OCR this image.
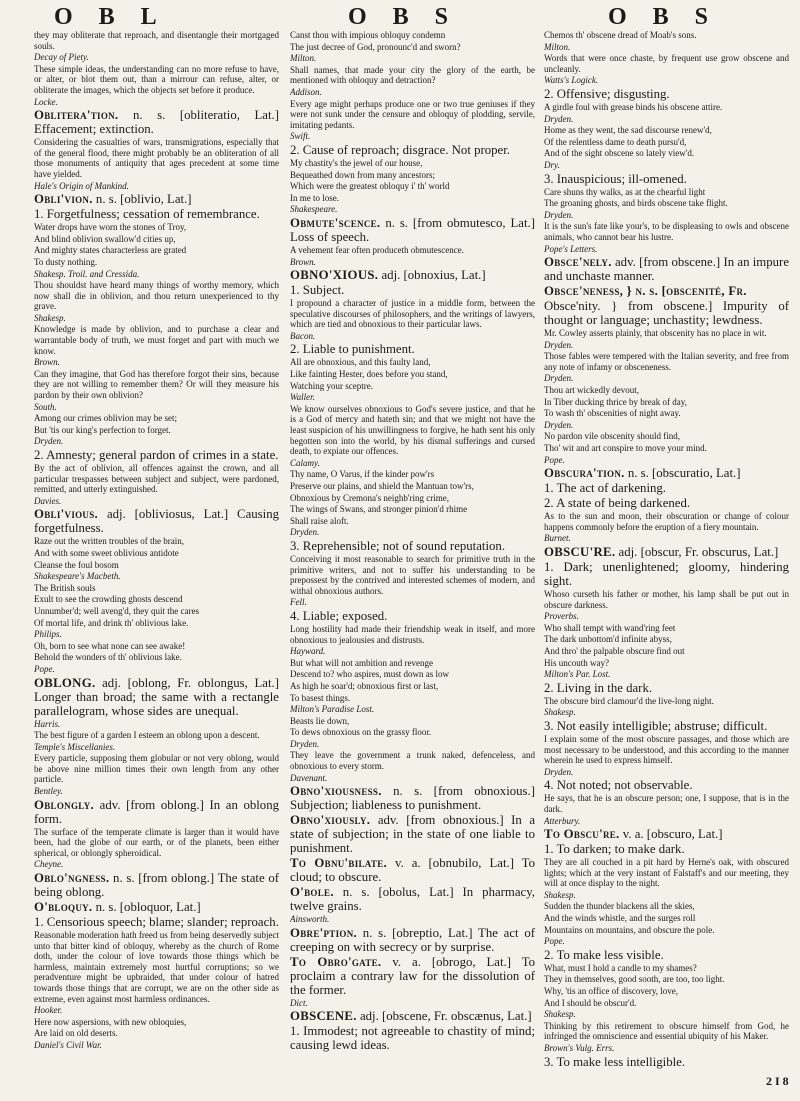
O B L	O B S	O B S

they may obliterate that reproach, and disentangle their mortgaged souls.

Decay of Piety.

These simple ideas, the understanding can no more refuse to have, or alter, or blot them out, than a mirrour can refuse, alter, or obliterate the images, which the objects set before it produce.

Locke.

Oblitera'tion. n. s. [obliteratio, Lat.] Effacement; extinction.

Considering the casualties of wars, transmigrations, especially that of the general flood, there might probably be an obliteration of all those monuments of antiquity that ages precedent at some time have yielded.

Hale's Origin of Mankind.

Obli'vion. n. s. [oblivio, Lat.]

1. Forgetfulness; cessation of remembrance.

Water drops have worn the stones of Troy,

And blind oblivion swallow'd cities up,

And mighty states characterless are grated

To dusty nothing.

Shakesp. Troil. and Cressida.

Thou shouldst have heard many things of worthy memory, which now shall die in oblivion, and thou return unexperienced to thy grave.

Shakesp.

Knowledge is made by oblivion, and to purchase a clear and warrantable body of truth, we must forget and part with much we know.

Brown.

Can they imagine, that God has therefore forgot their sins, because they are not willing to remember them? Or will they measure his pardon by their own oblivion?

South.

Among our crimes oblivion may be set;

But 'tis our king's perfection to forget.

Dryden.

2. Amnesty; general pardon of crimes in a state.

By the act of oblivion, all offences against the crown, and all particular trespasses between subject and subject, were pardoned, remitted, and utterly extinguished.

Davies.

Obli'vious. adj. [obliviosus, Lat.] Causing forgetfulness.

Raze out the written troubles of the brain,

And with some sweet oblivious antidote

Cleanse the foul bosom

Shakespeare's Macbeth.

The British souls

Exult to see the crowding ghosts descend

Unnumber'd; well aveng'd, they quit the cares

Of mortal life, and drink th' oblivious lake.

Philips.

Oh, born to see what none can see awake!

Behold the wonders of th' oblivious lake.

Pope.

OBLONG. adj. [oblong, Fr. oblongus, Lat.] Longer than broad; the same with a rectangle parallelogram, whose sides are unequal.

Harris.

The best figure of a garden I esteem an oblong upon a descent.

Temple's Miscellanies.

Every particle, supposing them globular or not very oblong, would be above nine million times their own length from any other particle.

Bentley.

Oblongly. adv. [from oblong.] In an oblong form.

The surface of the temperate climate is larger than it would have been, had the globe of our earth, or of the planets, been either spherical, or oblongly spheroidical.

Cheyne.

Oblo'ngness. n. s. [from oblong.] The state of being oblong.

O'bloquy. n. s. [obloquor, Lat.]

1. Censorious speech; blame; slander; reproach.

Reasonable moderation hath freed us from being deservedly subject unto that bitter kind of obloquy, whereby as the church of Rome doth, under the colour of love towards those things which be harmless, maintain extremely most hurtful corruptions; so we peradventure might be upbraided, that under colour of hatred towards those things that are corrupt, we are on the other side as extreme, even against most harmless ordinances.

Hooker.

Here now aspersions, with new obloquies,

Are laid on old deserts.

Daniel's Civil War.

Canst thou with impious obloquy condemn

The just decree of God, pronounc'd and sworn?

Milton.

Shall names, that made your city the glory of the earth, be mentioned with obloquy and detraction?

Addison.

Every age might perhaps produce one or two true geniuses if they were not sunk under the censure and obloquy of plodding, servile, imitating pedants.

Swift.

2. Cause of reproach; disgrace. Not proper.

My chastity's the jewel of our house,

Bequeathed down from many ancestors;

Which were the greatest obloquy i' th' world

In me to lose.

Shakespeare.

Obmute'scence. n. s. [from obmutesco, Lat.] Loss of speech.

A vehement fear often produceth obmutescence.

Brown.

OBNO'XIOUS. adj. [obnoxius, Lat.]

1. Subject.

I propound a character of justice in a middle form, between the speculative discourses of philosophers, and the writings of lawyers, which are tied and obnoxious to their particular laws.

Bacon.

2. Liable to punishment.

All are obnoxious, and this faulty land,

Like fainting Hester, does before you stand,

Watching your sceptre.

Waller.

We know ourselves obnoxious to God's severe justice, and that he is a God of mercy and hateth sin; and that we might not have the least suspicion of his unwillingness to forgive, he hath sent his only begotten son into the world, by his dismal sufferings and cursed death, to expiate our offences.

Calamy.

Thy name, O Varus, if the kinder pow'rs

Preserve our plains, and shield the Mantuan tow'rs,

Obnoxious by Cremona's neighb'ring crime,

The wings of Swans, and stronger pinion'd rhime

Shall raise aloft.

Dryden.

3. Reprehensible; not of sound reputation.

Conceiving it most reasonable to search for primitive truth in the primitive writers, and not to suffer his understanding to be prepossest by the contrived and interested schemes of modern, and withal obnoxious authors.

Fell.

4. Liable; exposed.

Long hostility had made their friendship weak in itself, and more obnoxious to jealousies and distrusts.

Hayward.

But what will not ambition and revenge

Descend to? who aspires, must down as low

As high he soar'd; obnoxious first or last,

To basest things.

Milton's Paradise Lost.

Beasts lie down,

To dews obnoxious on the grassy floor.

Dryden.

They leave the government a trunk naked, defenceless, and obnoxious to every storm.

Davenant.

Obno'xiousness. n. s. [from obnoxious.] Subjection; liableness to punishment.

Obno'xiously. adv. [from obnoxious.] In a state of subjection; in the state of one liable to punishment.

To Obnu'bilate. v. a. [obnubilo, Lat.] To cloud; to obscure.

O'bole. n. s. [obolus, Lat.] In pharmacy, twelve grains.

Ainsworth.

Obre'ption. n. s. [obreptio, Lat.] The act of creeping on with secrecy or by surprise.

To Obro'gate. v. a. [obrogo, Lat.] To proclaim a contrary law for the dissolution of the former.

Dict.

OBSCENE. adj. [obscene, Fr. obscænus, Lat.]

1. Immodest; not agreeable to chastity of mind; causing lewd ideas.

Chemos th' obscene dread of Moab's sons.

Milton.

Words that were once chaste, by frequent use grow obscene and uncleanly.

Watts's Logick.

2. Offensive; disgusting.

A girdle foul with grease binds his obscene attire.

Dryden.

Home as they went, the sad discourse renew'd,

Of the relentless dame to death pursu'd,

And of the sight obscene so lately view'd.

Dry.

3. Inauspicious; ill-omened.

Care shuns thy walks, as at the chearful light

The groaning ghosts, and birds obscene take flight.

Dryden.

It is the sun's fate like your's, to be displeasing to owls and obscene animals, who cannot bear his lustre.

Pope's Letters.

Obsce'nely. adv. [from obscene.] In an impure and unchaste manner.

Obsce'neness, } n. s. [obscenité, Fr.

Obsce'nity. } from obscene.] Impurity of thought or language; unchastity; lewdness.

Mr. Cowley asserts plainly, that obscenity has no place in wit.

Dryden.

Those fables were tempered with the Italian severity, and free from any note of infamy or obsceneness.

Dryden.

Thou art wickedly devout,

In Tiber ducking thrice by break of day,

To wash th' obscenities of night away.

Dryden.

No pardon vile obscenity should find,

Tho' wit and art conspire to move your mind.

Pope.

Obscura'tion. n. s. [obscuratio, Lat.]

1. The act of darkening.

2. A state of being darkened.

As to the sun and moon, their obscuration or change of colour happens commonly before the eruption of a fiery mountain.

Burnet.

OBSCU'RE. adj. [obscur, Fr. obscurus, Lat.]

1. Dark; unenlightened; gloomy, hindering sight.

Whoso curseth his father or mother, his lamp shall be put out in obscure darkness.

Proverbs.

Who shall tempt with wand'ring feet

The dark unbottom'd infinite abyss,

And thro' the palpable obscure find out

His uncouth way?

Milton's Par. Lost.

2. Living in the dark.

The obscure bird clamour'd the live-long night.

Shakesp.

3. Not easily intelligible; abstruse; difficult.

I explain some of the most obscure passages, and those which are most necessary to be understood, and this according to the manner wherein he used to express himself.

Dryden.

4. Not noted; not observable.

He says, that he is an obscure person; one, I suppose, that is in the dark.

Atterbury.

To Obscu're. v. a. [obscuro, Lat.]

1. To darken; to make dark.

They are all couched in a pit hard by Herne's oak, with obscured lights; which at the very instant of Falstaff's and our meeting, they will at once display to the night.

Shakesp.

Sudden the thunder blackens all the skies,

And the winds whistle, and the surges roll

Mountains on mountains, and obscure the pole.

Pope.

2. To make less visible.

What, must I hold a candle to my shames?

They in themselves, good sooth, are too, too light.

Why, 'tis an office of discovery, love,

And I should be obscur'd.

Shakesp.

Thinking by this retirement to obscure himself from God, he infringed the omniscience and essential ubiquity of his Maker.

Brown's Vulg. Errs.

3. To make less intelligible.

2 I 8
